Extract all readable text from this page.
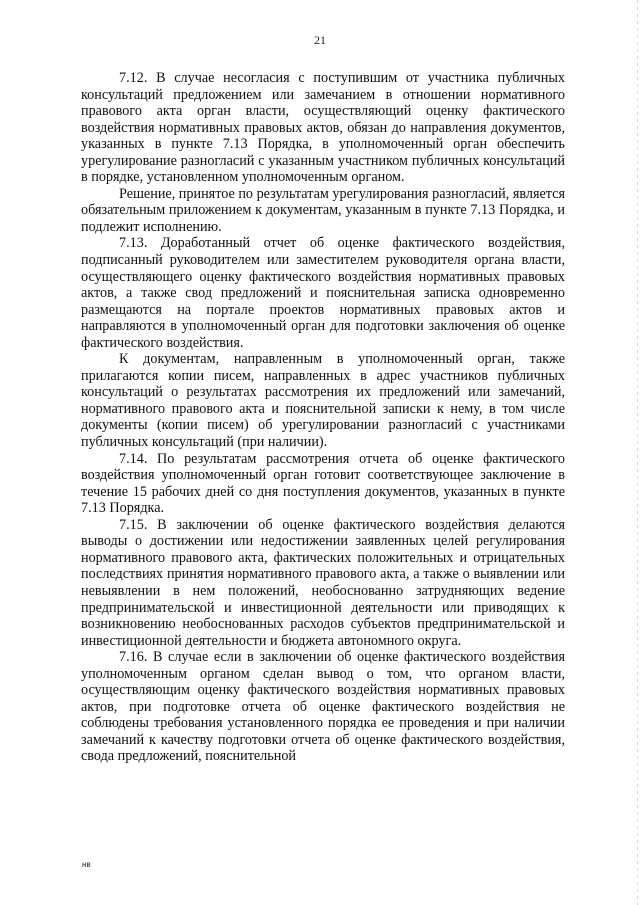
21

7.12. В случае несогласия с поступившим от участника публичных консультаций предложением или замечанием в отношении нормативного правового акта орган власти, осуществляющий оценку фактического воздействия нормативных правовых актов, обязан до направления документов, указанных в пункте 7.13 Порядка, в уполномоченный орган обеспечить урегулирование разногласий с указанным участником публичных консультаций в порядке, установленном уполномоченным органом.

Решение, принятое по результатам урегулирования разногласий, является обязательным приложением к документам, указанным в пункте 7.13 Порядка, и подлежит исполнению.

7.13. Доработанный отчет об оценке фактического воздействия, подписанный руководителем или заместителем руководителя органа власти, осуществляющего оценку фактического воздействия нормативных правовых актов, а также свод предложений и пояснительная записка одновременно размещаются на портале проектов нормативных правовых актов и направляются в уполномоченный орган для подготовки заключения об оценке фактического воздействия.

К документам, направленным в уполномоченный орган, также прилагаются копии писем, направленных в адрес участников публичных консультаций о результатах рассмотрения их предложений или замечаний, нормативного правового акта и пояснительной записки к нему, в том числе документы (копии писем) об урегулировании разногласий с участниками публичных консультаций (при наличии).

7.14. По результатам рассмотрения отчета об оценке фактического воздействия уполномоченный орган готовит соответствующее заключение в течение 15 рабочих дней со дня поступления документов, указанных в пункте 7.13 Порядка.

7.15. В заключении об оценке фактического воздействия делаются выводы о достижении или недостижении заявленных целей регулирования нормативного правового акта, фактических положительных и отрицательных последствиях принятия нормативного правового акта, а также о выявлении или невыявлении в нем положений, необоснованно затрудняющих ведение предпринимательской и инвестиционной деятельности или приводящих к возникновению необоснованных расходов субъектов предпринимательской и инвестиционной деятельности и бюджета автономного округа.

7.16. В случае если в заключении об оценке фактического воздействия уполномоченным органом сделан вывод о том, что органом власти, осуществляющим оценку фактического воздействия нормативных правовых актов, при подготовке отчета об оценке фактического воздействия не соблюдены требования установленного порядка ее проведения и при наличии замечаний к качеству подготовки отчета об оценке фактического воздействия, свода предложений, пояснительной

нв
